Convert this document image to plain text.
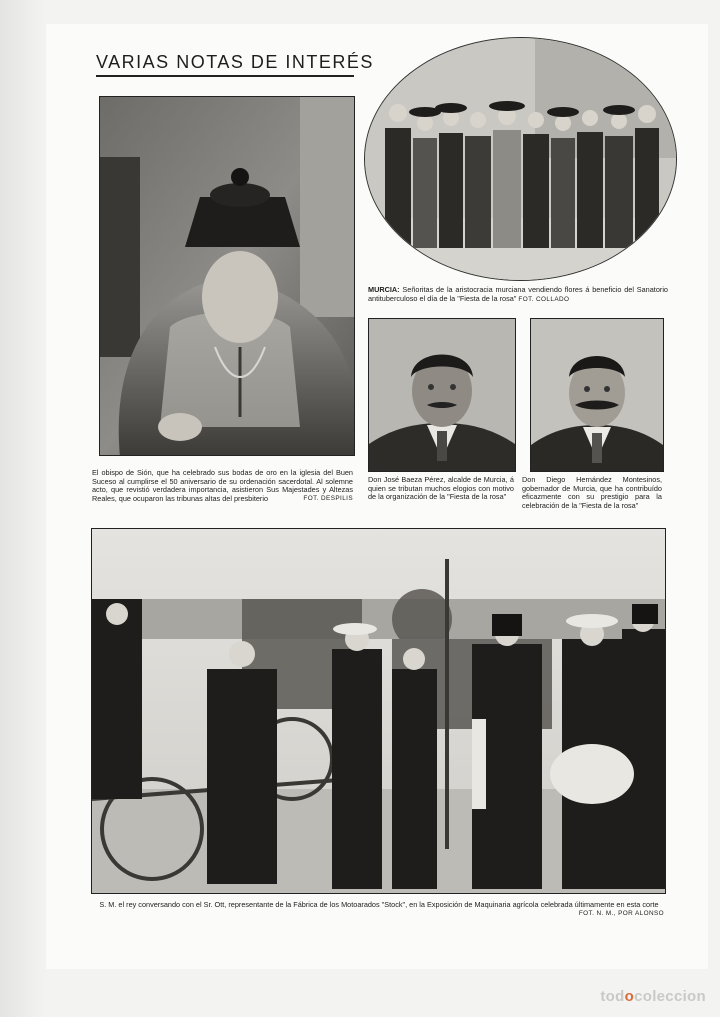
VARIAS NOTAS DE INTERÉS
El obispo de Sión, que ha celebrado sus bodas de oro en la iglesia del Buen Suceso al cumplirse el 50 aniversario de su ordenación sacerdotal. Al solemne acto, que revistió verdadera importancia, asistieron Sus Majestades y Altezas Reales, que ocuparon las tribunas altas del presbiterio	FOT. DESPILIS
MURCIA: Señoritas de la aristocracia murciana vendiendo flores á beneficio del Sanatorio antituberculoso el día de la "Fiesta de la rosa" FOT. COLLADO
Don José Baeza Pérez, alcalde de Murcia, á quien se tributan muchos elogios con motivo de la organización de la "Fiesta de la rosa"
Don Diego Hernández Montesinos, gobernador de Murcia, que ha contribuído eficazmente con su prestigio para la celebración de la "Fiesta de la rosa"
S. M. el rey conversando con el Sr. Ott, representante de la Fábrica de los Motoarados "Stock", en la Exposición de Maquinaria agrícola celebrada últimamente en esta corte
FOT. N. M., POR ALONSO
todocoleccion
